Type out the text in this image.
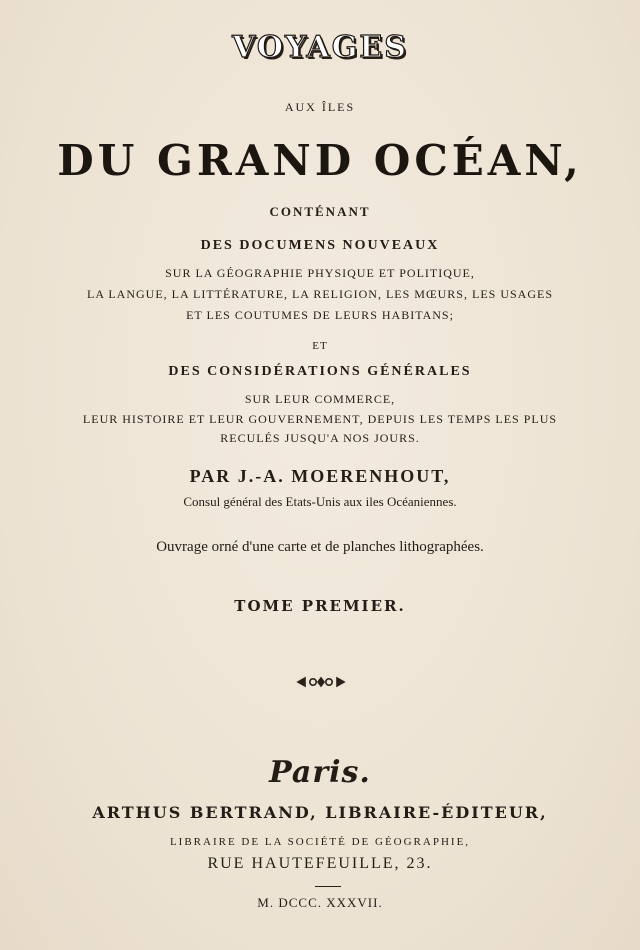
VOYAGES
AUX ÎLES
DU GRAND OCÉAN,
CONTÉNANT
DES DOCUMENS NOUVEAUX
SUR LA GÉOGRAPHIE PHYSIQUE ET POLITIQUE,
LA LANGUE, LA LITTÉRATURE, LA RELIGION, LES MŒURS, LES USAGES
ET LES COUTUMES DE LEURS HABITANS;
ET
DES CONSIDÉRATIONS GÉNÉRALES
SUR LEUR COMMERCE,
LEUR HISTOIRE ET LEUR GOUVERNEMENT, DEPUIS LES TEMPS LES PLUS
RECULÉS JUSQU'A NOS JOURS.
PAR J.-A. MOERENHOUT,
Consul général des Etats-Unis aux iles Océaniennes.
Ouvrage orné d'une carte et de planches lithographées.
TOME PREMIER.
Paris.
ARTHUS BERTRAND, LIBRAIRE-ÉDITEUR,
LIBRAIRE DE LA SOCIÉTÉ DE GÉOGRAPHIE,
RUE HAUTEFEUILLE, 23.
M. DCCC. XXXVII.
